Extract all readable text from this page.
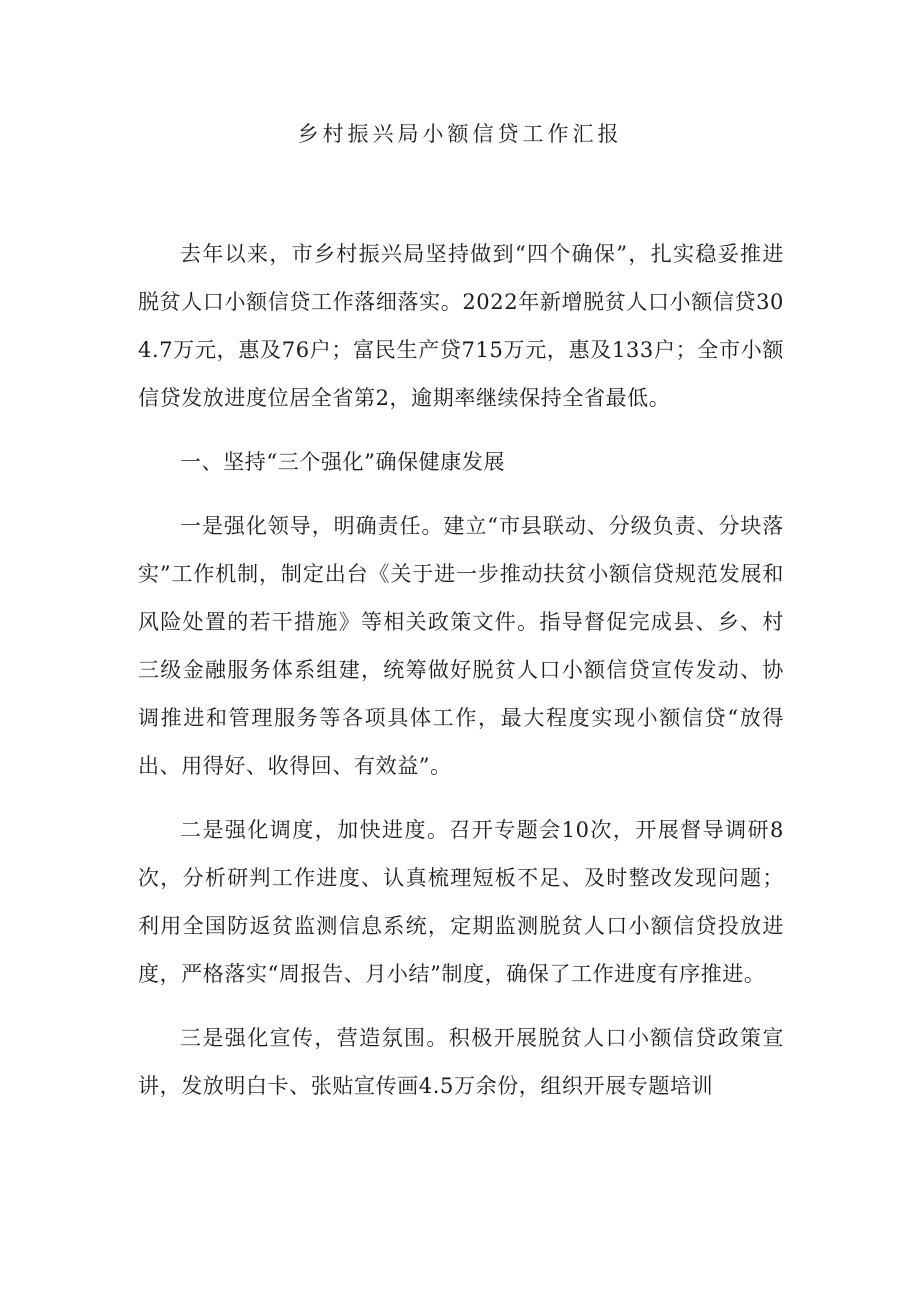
乡村振兴局小额信贷工作汇报

去年以来，市乡村振兴局坚持做到“四个确保”，扎实稳妥推进脱贫人口小额信贷工作落细落实。2022年新增脱贫人口小额信贷304.7万元，惠及76户；富民生产贷715万元，惠及133户；全市小额信贷发放进度位居全省第2，逾期率继续保持全省最低。

一、坚持“三个强化”确保健康发展

一是强化领导，明确责任。建立“市县联动、分级负责、分块落实”工作机制，制定出台《关于进一步推动扶贫小额信贷规范发展和风险处置的若干措施》等相关政策文件。指导督促完成县、乡、村三级金融服务体系组建，统筹做好脱贫人口小额信贷宣传发动、协调推进和管理服务等各项具体工作，最大程度实现小额信贷“放得出、用得好、收得回、有效益”。

二是强化调度，加快进度。召开专题会10次，开展督导调研8次，分析研判工作进度、认真梳理短板不足、及时整改发现问题；利用全国防返贫监测信息系统，定期监测脱贫人口小额信贷投放进度，严格落实“周报告、月小结”制度，确保了工作进度有序推进。

三是强化宣传，营造氛围。积极开展脱贫人口小额信贷政策宣讲，发放明白卡、张贴宣传画4.5万余份，组织开展专题培训
